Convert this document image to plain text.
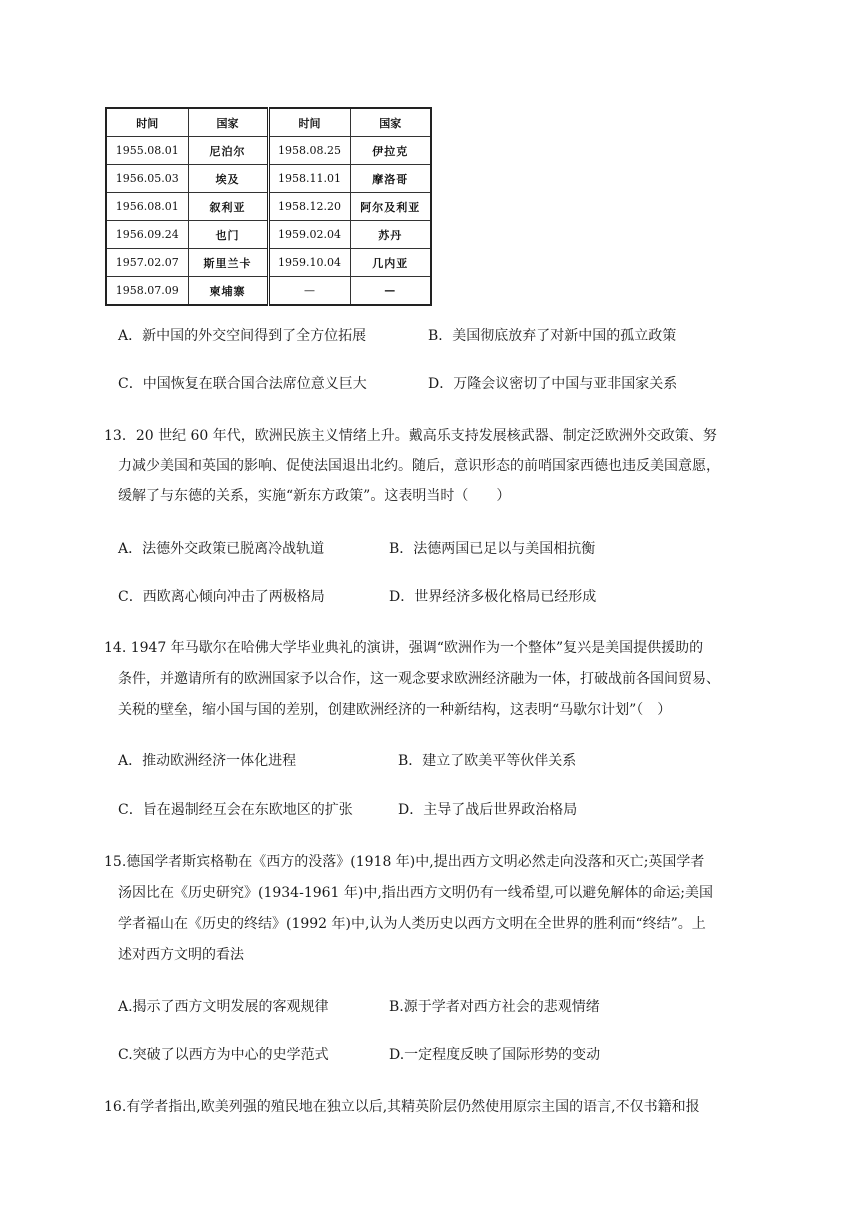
时间	国家	时间	国家
1955.08.01	尼泊尔	1958.08.25	伊拉克
1956.05.03	埃及	1958.11.01	摩洛哥
1956.08.01	叙利亚	1958.12.20	阿尔及利亚
1956.09.24	也门	1959.02.04	苏丹
1957.02.07	斯里兰卡	1959.10.04	几内亚
1958.07.09	柬埔寨	—	—
A．新中国的外交空间得到了全方位拓展	B．美国彻底放弃了对新中国的孤立政策
C．中国恢复在联合国合法席位意义巨大	D．万隆会议密切了中国与亚非国家关系
13．20 世纪 60 年代，欧洲民族主义情绪上升。戴高乐支持发展核武器、制定泛欧洲外交政策、努
力减少美国和英国的影响、促使法国退出北约。随后，意识形态的前哨国家西德也违反美国意愿，
缓解了与东德的关系，实施“新东方政策”。这表明当时（　　）
A．法德外交政策已脱离冷战轨道	B．法德两国已足以与美国相抗衡
C．西欧离心倾向冲击了两极格局	D．世界经济多极化格局已经形成
14. 1947 年马歇尔在哈佛大学毕业典礼的演讲，强调“欧洲作为一个整体”复兴是美国提供援助的
条件，并邀请所有的欧洲国家予以合作，这一观念要求欧洲经济融为一体，打破战前各国间贸易、
关税的壁垒，缩小国与国的差别，创建欧洲经济的一种新结构，这表明“马歇尔计划”（　）
A．推动欧洲经济一体化进程	B．建立了欧美平等伙伴关系
C．旨在遏制经互会在东欧地区的扩张	D．主导了战后世界政治格局
15.德国学者斯宾格勒在《西方的没落》(1918 年)中,提出西方文明必然走向没落和灭亡;英国学者
汤因比在《历史研究》(1934-1961 年)中,指出西方文明仍有一线希望,可以避免解体的命运;美国
学者福山在《历史的终结》(1992 年)中,认为人类历史以西方文明在全世界的胜利而“终结”。上
述对西方文明的看法
A.揭示了西方文明发展的客观规律	B.源于学者对西方社会的悲观情绪
C.突破了以西方为中心的史学范式	D.一定程度反映了国际形势的变动
16.有学者指出,欧美列强的殖民地在独立以后,其精英阶层仍然使用原宗主国的语言,不仅书籍和报
